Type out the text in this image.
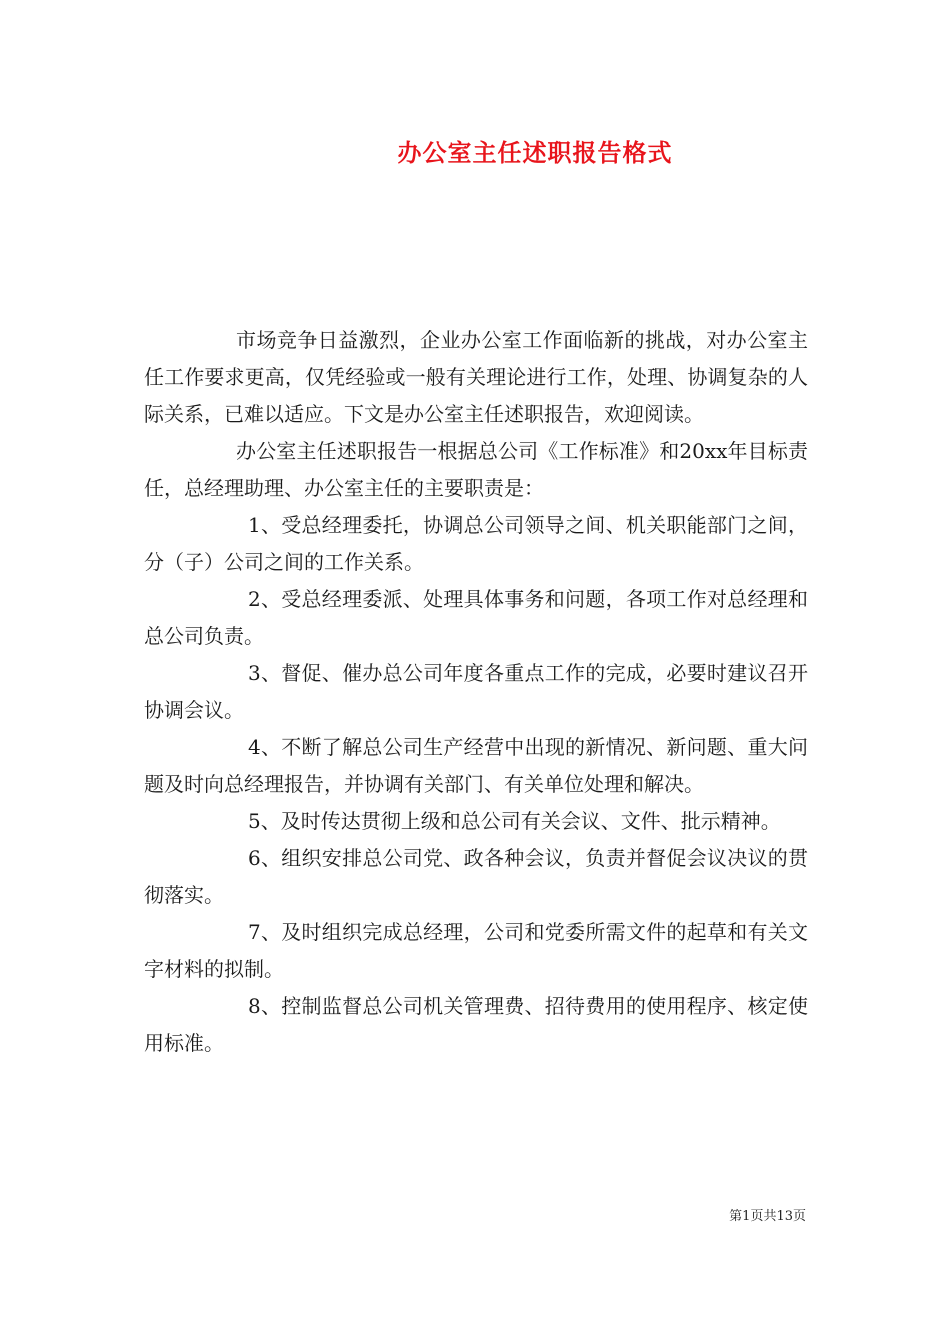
办公室主任述职报告格式

市场竞争日益激烈，企业办公室工作面临新的挑战，对办公室主任工作要求更高，仅凭经验或一般有关理论进行工作，处理、协调复杂的人际关系，已难以适应。下文是办公室主任述职报告，欢迎阅读。

办公室主任述职报告一根据总公司《工作标准》和20xx年目标责任，总经理助理、办公室主任的主要职责是：

1、受总经理委托，协调总公司领导之间、机关职能部门之间，分（子）公司之间的工作关系。

2、受总经理委派、处理具体事务和问题，各项工作对总经理和总公司负责。

3、督促、催办总公司年度各重点工作的完成，必要时建议召开协调会议。

4、不断了解总公司生产经营中出现的新情况、新问题、重大问题及时向总经理报告，并协调有关部门、有关单位处理和解决。

5、及时传达贯彻上级和总公司有关会议、文件、批示精神。

6、组织安排总公司党、政各种会议，负责并督促会议决议的贯彻落实。

7、及时组织完成总经理，公司和党委所需文件的起草和有关文字材料的拟制。

8、控制监督总公司机关管理费、招待费用的使用程序、核定使用标准。

第1页共13页
